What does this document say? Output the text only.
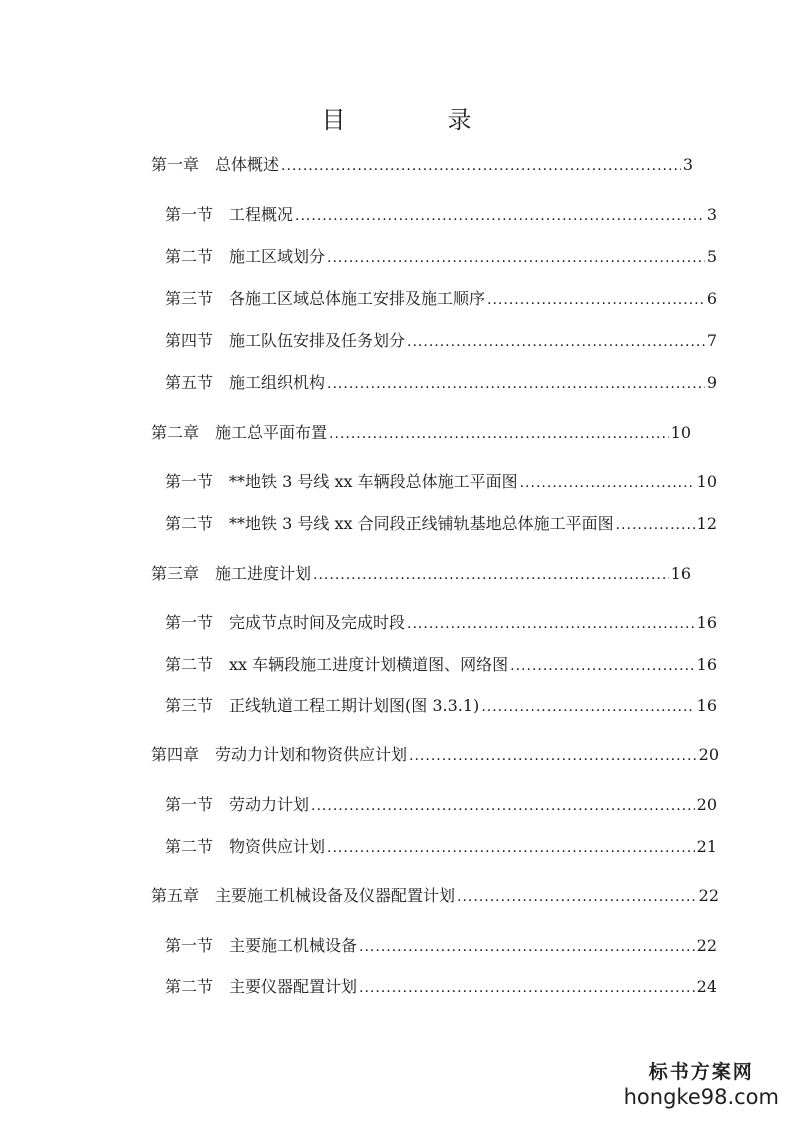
目	录
第一章 总体概述 .....	3
第一节 工程概况 .....	3
第二节 施工区域划分 .....	5
第三节 各施工区域总体施工安排及施工顺序 .....	6
第四节 施工队伍安排及任务划分 .....	7
第五节 施工组织机构 .....	9
第二章 施工总平面布置 .....	10
第一节 **地铁 3 号线 xx 车辆段总体施工平面图 .....	10
第二节 **地铁 3 号线 xx 合同段正线铺轨基地总体施工平面图 .....	12
第三章 施工进度计划 .....	16
第一节 完成节点时间及完成时段 .....	16
第二节 xx 车辆段施工进度计划横道图、网络图 .....	16
第三节 正线轨道工程工期计划图(图 3.3.1) .....	16
第四章 劳动力计划和物资供应计划 .....	20
第一节 劳动力计划 .....	20
第二节 物资供应计划 .....	21
第五章 主要施工机械设备及仪器配置计划 .....	22
第一节 主要施工机械设备 .....	22
第二节 主要仪器配置计划 .....	24
标书方案网
hongke98.com
